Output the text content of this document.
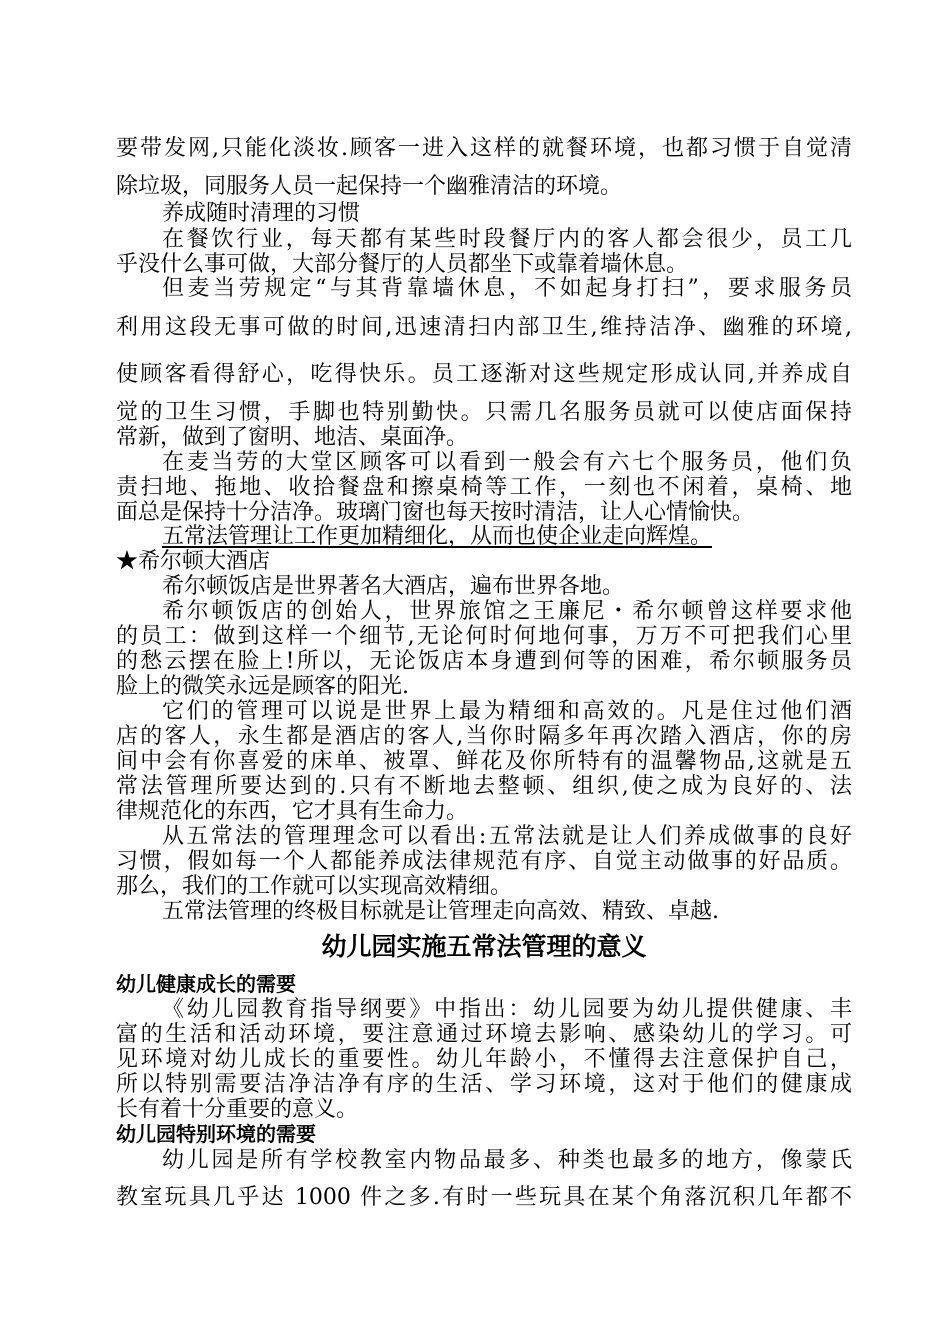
要带发网,只能化淡妆.顾客一进入这样的就餐环境，也都习惯于自觉清
除垃圾，同服务人员一起保持一个幽雅清洁的环境。
养成随时清理的习惯
在餐饮行业，每天都有某些时段餐厅内的客人都会很少，员工几
乎没什么事可做，大部分餐厅的人员都坐下或靠着墙休息。
但麦当劳规定“与其背靠墙休息，不如起身打扫”，要求服务员
利用这段无事可做的时间,迅速清扫内部卫生,维持洁净、幽雅的环境,
使顾客看得舒心，吃得快乐。员工逐渐对这些规定形成认同,并养成自
觉的卫生习惯，手脚也特别勤快。只需几名服务员就可以使店面保持
常新，做到了窗明、地洁、桌面净。
在麦当劳的大堂区顾客可以看到一般会有六七个服务员，他们负
责扫地、拖地、收拾餐盘和擦桌椅等工作，一刻也不闲着，桌椅、地
面总是保持十分洁净。玻璃门窗也每天按时清洁，让人心情愉快。
五常法管理让工作更加精细化，从而也使企业走向辉煌。
★希尔顿大酒店
希尔顿饭店是世界著名大酒店，遍布世界各地。
希尔顿饭店的创始人，世界旅馆之王廉尼・希尔顿曾这样要求他
的员工：做到这样一个细节,无论何时何地何事，万万不可把我们心里
的愁云摆在脸上!所以，无论饭店本身遭到何等的困难，希尔顿服务员
脸上的微笑永远是顾客的阳光.
它们的管理可以说是世界上最为精细和高效的。凡是住过他们酒
店的客人，永生都是酒店的客人,当你时隔多年再次踏入酒店，你的房
间中会有你喜爱的床单、被罩、鲜花及你所特有的温馨物品,这就是五
常法管理所要达到的.只有不断地去整顿、组织,使之成为良好的、法
律规范化的东西，它才具有生命力。
从五常法的管理理念可以看出:五常法就是让人们养成做事的良好
习惯，假如每一个人都能养成法律规范有序、自觉主动做事的好品质。
那么，我们的工作就可以实现高效精细。
五常法管理的终极目标就是让管理走向高效、精致、卓越.
幼儿园实施五常法管理的意义
幼儿健康成长的需要
《幼儿园教育指导纲要》中指出：幼儿园要为幼儿提供健康、丰
富的生活和活动环境，要注意通过环境去影响、感染幼儿的学习。可
见环境对幼儿成长的重要性。幼儿年龄小，不懂得去注意保护自己，
所以特别需要洁净洁净有序的生活、学习环境，这对于他们的健康成
长有着十分重要的意义。
幼儿园特别环境的需要
幼儿园是所有学校教室内物品最多、种类也最多的地方，像蒙氏
教室玩具几乎达 1000 件之多.有时一些玩具在某个角落沉积几年都不
